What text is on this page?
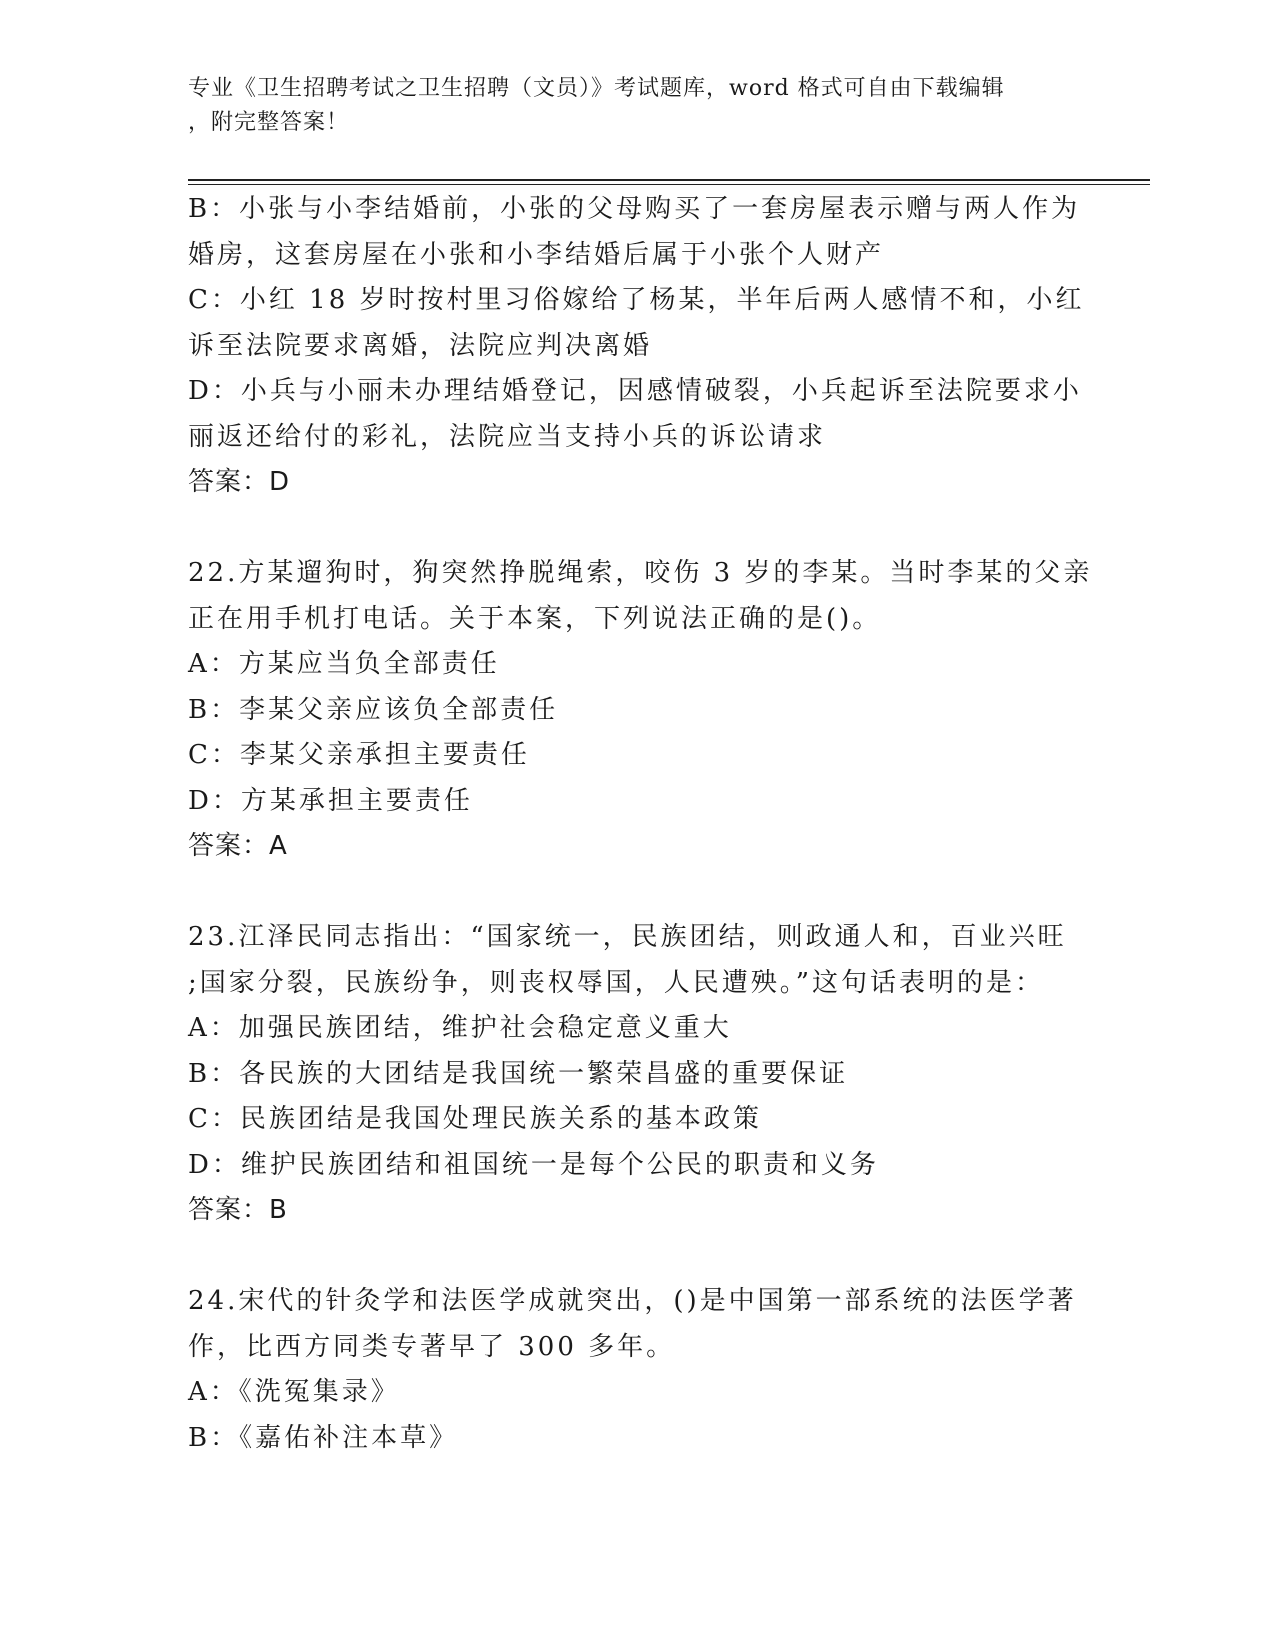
专业《卫生招聘考试之卫生招聘（文员）》考试题库，word 格式可自由下载编辑
，附完整答案！
B：小张与小李结婚前，小张的父母购买了一套房屋表示赠与两人作为
婚房，这套房屋在小张和小李结婚后属于小张个人财产
C：小红 18 岁时按村里习俗嫁给了杨某，半年后两人感情不和，小红
诉至法院要求离婚，法院应判决离婚
D：小兵与小丽未办理结婚登记，因感情破裂，小兵起诉至法院要求小
丽返还给付的彩礼，法院应当支持小兵的诉讼请求
答案：D
22.方某遛狗时，狗突然挣脱绳索，咬伤 3 岁的李某。当时李某的父亲
正在用手机打电话。关于本案，下列说法正确的是()。
A：方某应当负全部责任
B：李某父亲应该负全部责任
C：李某父亲承担主要责任
D：方某承担主要责任
答案：A
23.江泽民同志指出：“国家统一，民族团结，则政通人和，百业兴旺
;国家分裂，民族纷争，则丧权辱国，人民遭殃。”这句话表明的是：
A：加强民族团结，维护社会稳定意义重大
B：各民族的大团结是我国统一繁荣昌盛的重要保证
C：民族团结是我国处理民族关系的基本政策
D：维护民族团结和祖国统一是每个公民的职责和义务
答案：B
24.宋代的针灸学和法医学成就突出，()是中国第一部系统的法医学著
作，比西方同类专著早了 300 多年。
A：《洗冤集录》
B：《嘉佑补注本草》
